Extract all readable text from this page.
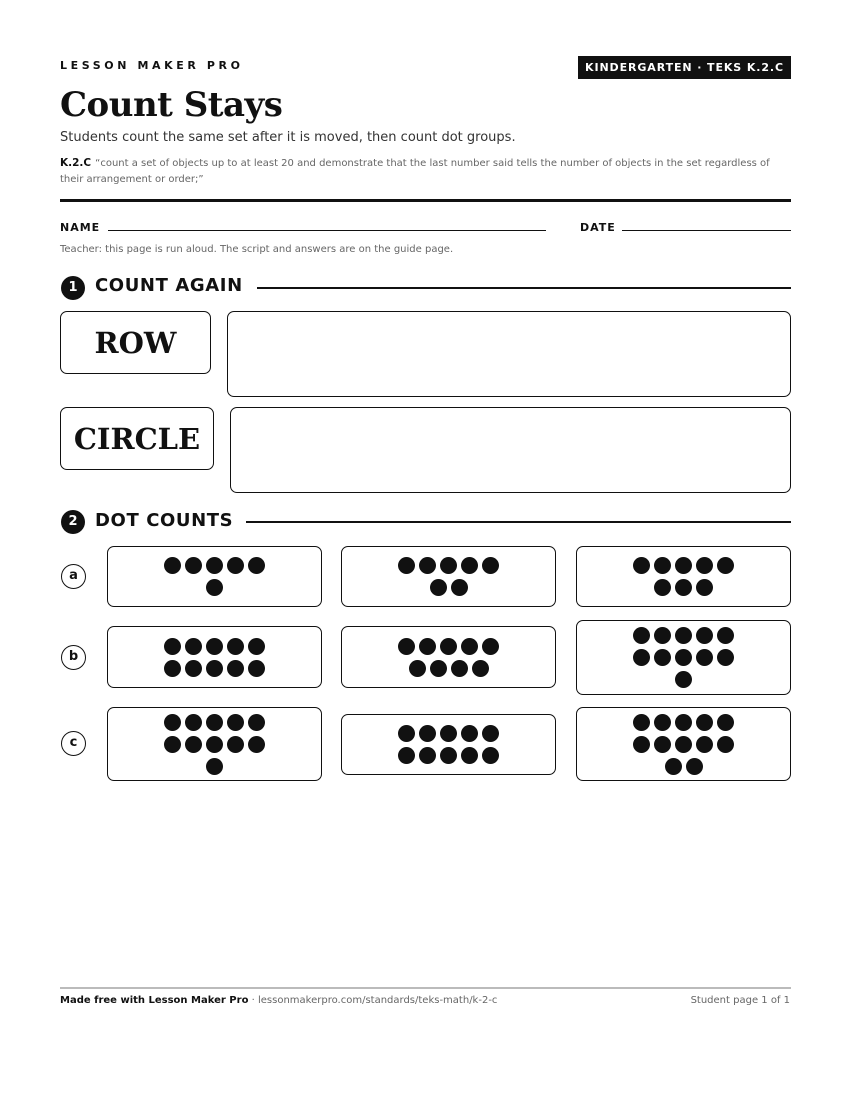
LESSON MAKER PRO	KINDERGARTEN · TEKS K.2.C
Count Stays
Students count the same set after it is moved, then count dot groups.
K.2.C “count a set of objects up to at least 20 and demonstrate that the last number said tells the number of objects in the set regardless of their arrangement or order;”
NAME	DATE
Teacher: this page is run aloud. The script and answers are on the guide page.
1 COUNT AGAIN
ROW
CIRCLE
2 DOT COUNTS
a
b
c
Made free with Lesson Maker Pro · lessonmakerpro.com/standards/teks-math/k-2-c	Student page 1 of 1
